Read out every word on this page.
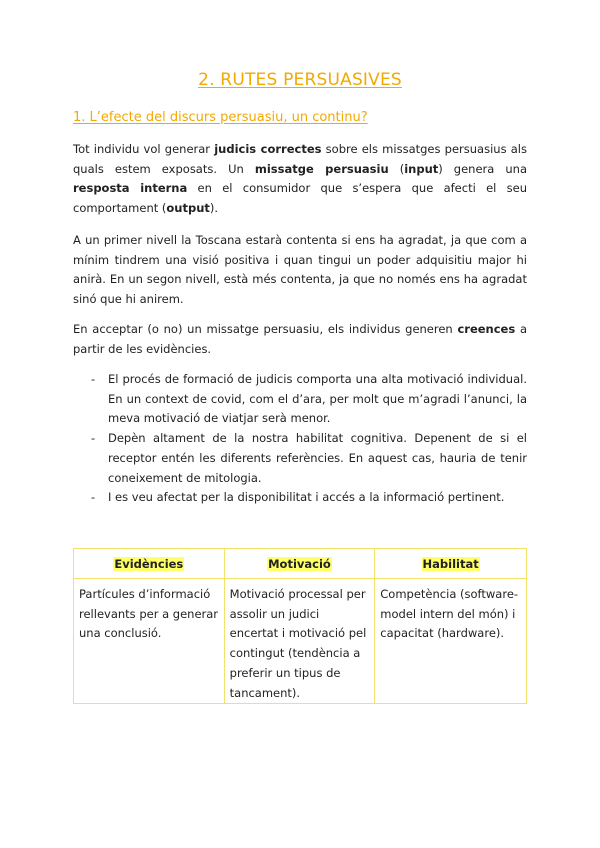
2. RUTES PERSUASIVES
1. L’efecte del discurs persuasiu, un continu?

Tot individu vol generar judicis correctes sobre els missatges persuasius als quals estem exposats. Un missatge persuasiu (input) genera una resposta interna en el consumidor que s’espera que afecti el seu comportament (output).

A un primer nivell la Toscana estarà contenta si ens ha agradat, ja que com a mínim tindrem una visió positiva i quan tingui un poder adquisitiu major hi anirà. En un segon nivell, està més contenta, ja que no només ens ha agradat sinó que hi anirem.

En acceptar (o no) un missatge persuasiu, els individus generen creences a partir de les evidències.

- El procés de formació de judicis comporta una alta motivació individual. En un context de covid, com el d’ara, per molt que m’agradi l’anunci, la meva motivació de viatjar serà menor.
- Depèn altament de la nostra habilitat cognitiva. Depenent de si el receptor entén les diferents referències. En aquest cas, hauria de tenir coneixement de mitologia.
- I es veu afectat per la disponibilitat i accés a la informació pertinent.
Evidències	Motivació	Habilitat
Partícules d’informació rellevants per a generar una conclusió.	Motivació processal per assolir un judici encertat i motivació pel contingut (tendència a preferir un tipus de tancament).	Competència (software-model intern del món) i capacitat (hardware).
